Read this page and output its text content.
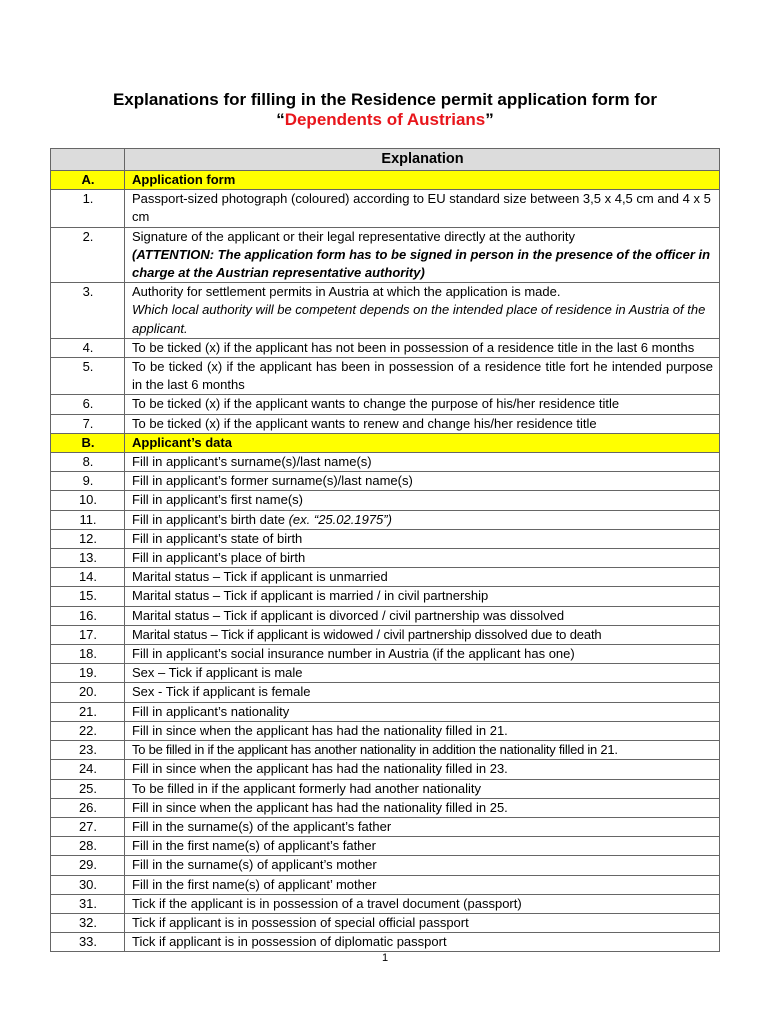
Explanations for filling in the Residence permit application form for
“Dependents of Austrians”
	Explanation
A.	Application form
1.	Passport-sized photograph (coloured) according to EU standard size between 3,5 x 4,5 cm and 4 x 5 cm
2.	Signature of the applicant or their legal representative directly at the authority
(ATTENTION: The application form has to be signed in person in the presence of the officer in charge at the Austrian representative authority)
3.	Authority for settlement permits in Austria at which the application is made.
Which local authority will be competent depends on the intended place of residence in Austria of the applicant.
4.	To be ticked (x) if the applicant has not been in possession of a residence title in the last 6 months
5.	To be ticked (x) if the applicant has been in possession of a residence title fort he intended purpose in the last 6 months
6.	To be ticked (x) if the applicant wants to change the purpose of his/her residence title
7.	To be ticked (x) if the applicant wants to renew and change his/her residence title
B.	Applicant’s data
8.	Fill in applicant’s surname(s)/last name(s)
9.	Fill in applicant’s former surname(s)/last name(s)
10.	Fill in applicant’s first name(s)
11.	Fill in applicant’s birth date (ex. “25.02.1975”)
12.	Fill in applicant’s state of birth
13.	Fill in applicant’s place of birth
14.	Marital status – Tick if applicant is unmarried
15.	Marital status – Tick if applicant is married / in civil partnership
16.	Marital status – Tick if applicant is divorced / civil partnership was dissolved
17.	Marital status – Tick if applicant is widowed / civil partnership dissolved due to death
18.	Fill in applicant’s social insurance number in Austria (if the applicant has one)
19.	Sex – Tick if applicant is male
20.	Sex - Tick if applicant is female
21.	Fill in applicant’s nationality
22.	Fill in since when the applicant has had the nationality filled in 21.
23.	To be filled in if the applicant has another nationality in addition the nationality filled in 21.
24.	Fill in since when the applicant has had the nationality filled in 23.
25.	To be filled in if the applicant formerly had another nationality
26.	Fill in since when the applicant has had the nationality filled in 25.
27.	Fill in the surname(s) of the applicant’s father
28.	Fill in the first name(s) of applicant’s father
29.	Fill in the surname(s) of applicant’s mother
30.	Fill in the first name(s) of applicant’ mother
31.	Tick if the applicant is in possession of a travel document (passport)
32.	Tick if applicant is in possession of special official passport
33.	Tick if applicant is in possession of diplomatic passport
1
